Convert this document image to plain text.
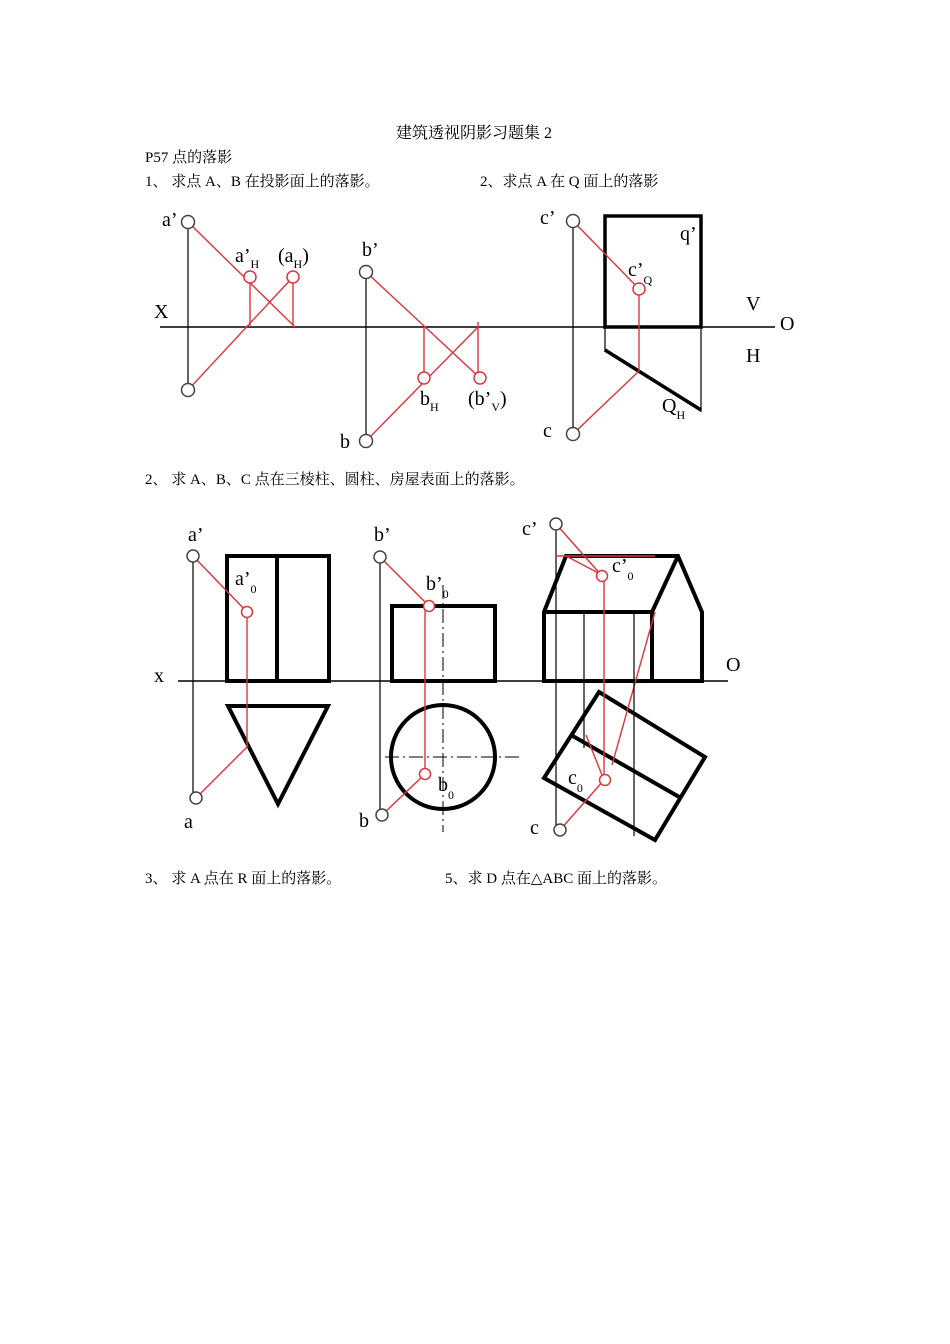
建筑透视阴影习题集 2
P57 点的落影
1、 求点 A、B 在投影面上的落影。	2、求点 A 在 Q 面上的落影
2、 求 A、B、C 点在三棱柱、圆柱、房屋表面上的落影。
3、 求 A 点在 R 面上的落影。	5、求 D 点在△ABC 面上的落影。
a’
$a’_H$ $(a_H)$
X
b’
$b_H$ $(b’_V)$
b
c’
q’
$c’_Q$
V
O
H
$Q_H$
c
a’
$a’_0$
x
a
b’
$b’_0$
$b_0$
b
c’
$c’_0$
O
$c_0$
c
